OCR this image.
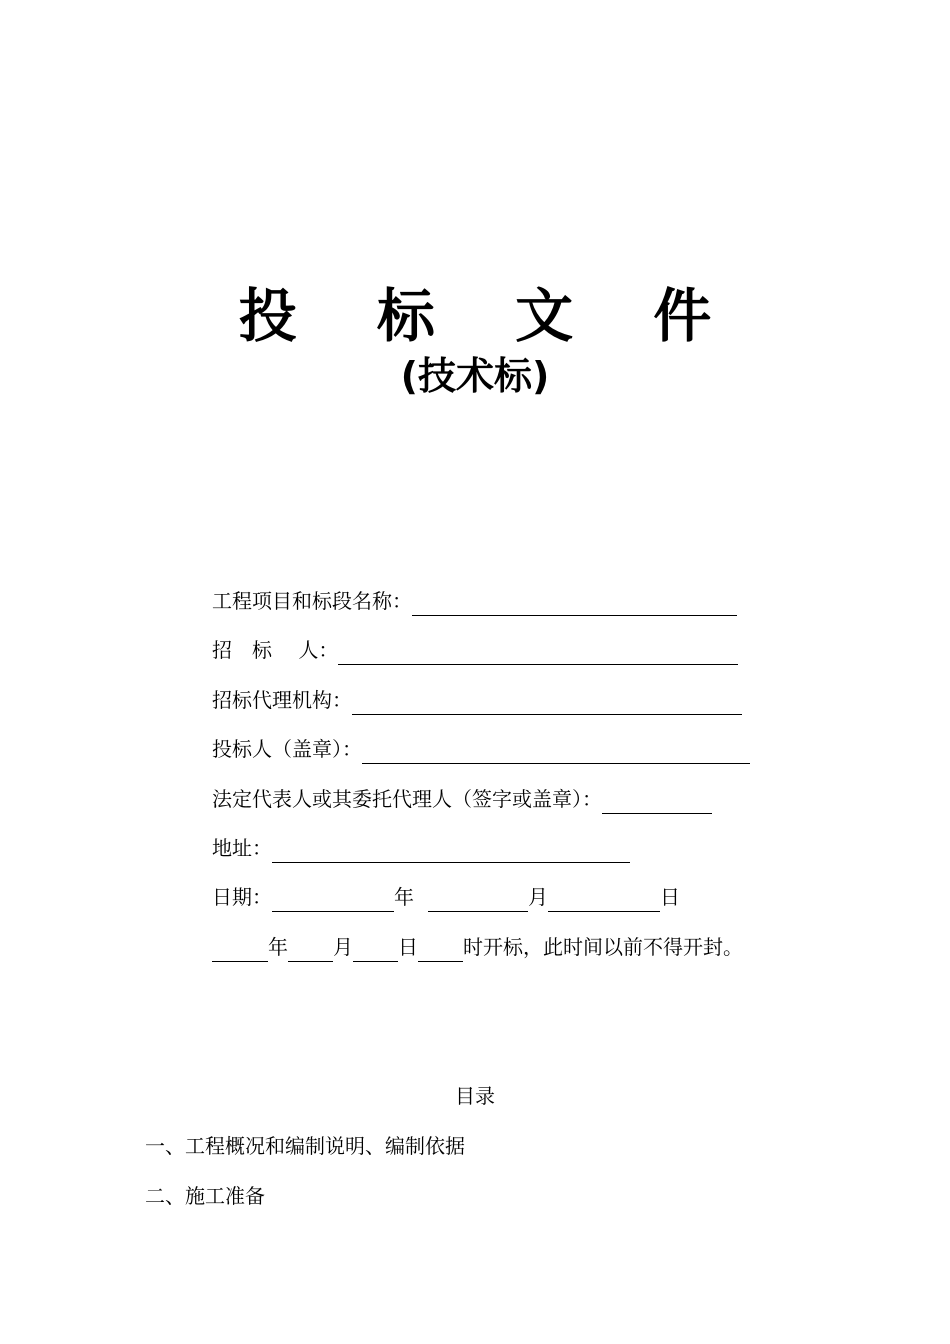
投 标 文 件
(技术标)
工程项目和标段名称：
招　标　 人：
招标代理机构：
投标人（盖章）：
法定代表人或其委托代理人（签字或盖章）：
地址：
日期：	年	月	日
年 月 日 时开标，此时间以前不得开封。
目录
一、工程概况和编制说明、编制依据
二、施工准备
